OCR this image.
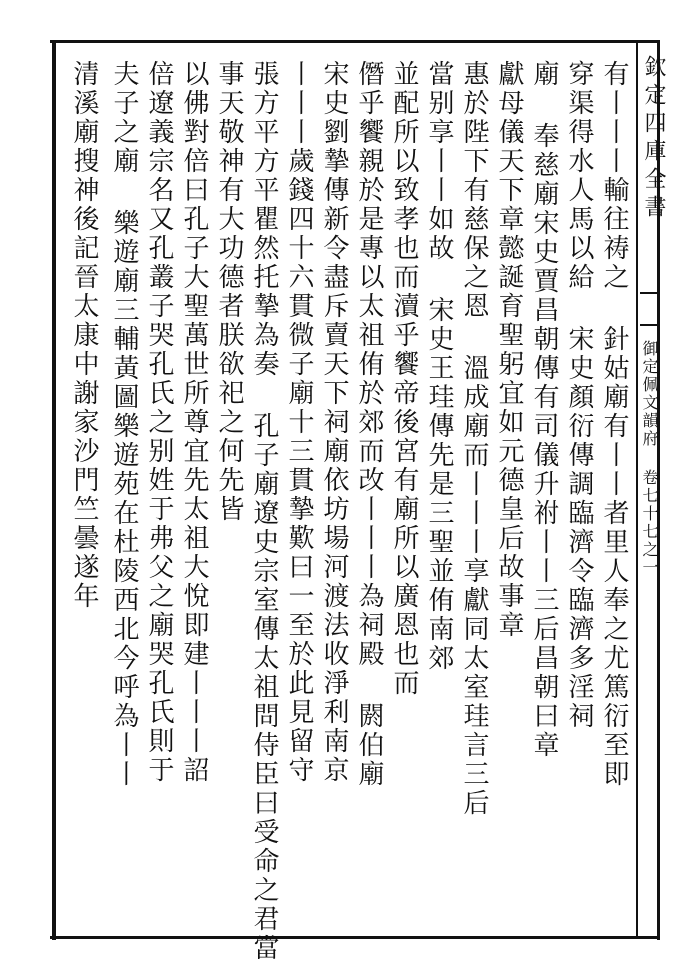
欽定四庫全書
御定佩文韻府 卷七十七之一
有丨丨丨輸往祷之 針姑廟有丨丨者里人奉之尤篤衍至即
穿渠得水人馬以給 宋史顏衍傳調臨濟令臨濟多淫祠
廟 奉慈廟宋史賈昌朝傳有司儀升祔丨丨三后昌朝曰章
獻母儀天下章懿誕育聖躬宜如元德皇后故事章
惠於陛下有慈保之恩 溫成廟而丨丨丨享獻同太室珪言三后
當别享丨丨如故 宋史王珪傳先是三聖並侑南郊
並配所以致孝也而瀆乎饗帝後宮有廟所以廣恩也而
僭乎饗親於是專以太祖侑於郊而改丨丨丨為祠殿 閼伯廟
宋史劉摯傳新令盡斥賣天下祠廟依坊場河渡法收淨利南京
丨丨丨歲錢四十六貫微子廟十三貫摯歎曰一至於此見留守
張方平方平瞿然托摯為奏 孔子廟遼史宗室傳太祖問侍臣曰受命之君當
事天敬神有大功德者朕欲祀之何先皆
以佛對倍曰孔子大聖萬世所尊宜先太祖大悅即建丨丨丨詔
倍遼義宗名又孔叢子哭孔氏之别姓于弗父之廟哭孔氏則于
夫子之廟 樂遊廟三輔黃圖樂遊苑在杜陵西北今呼為丨丨
清溪廟搜神後記晉太康中謝家沙門竺曇遂年
